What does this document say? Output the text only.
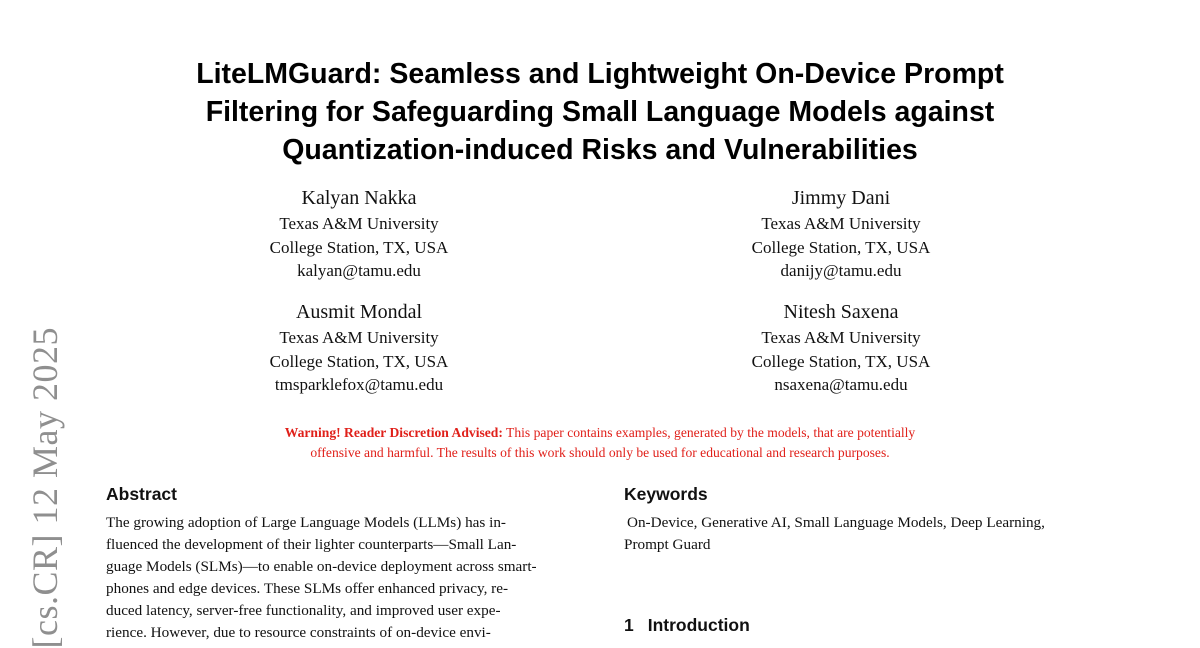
[cs.CR] 12 May 2025
LiteLMGuard: Seamless and Lightweight On-Device Prompt
Filtering for Safeguarding Small Language Models against
Quantization-induced Risks and Vulnerabilities
Kalyan Nakka
Texas A&M University
College Station, TX, USA
kalyan@tamu.edu
Jimmy Dani
Texas A&M University
College Station, TX, USA
danijy@tamu.edu
Ausmit Mondal
Texas A&M University
College Station, TX, USA
tmsparklefox@tamu.edu
Nitesh Saxena
Texas A&M University
College Station, TX, USA
nsaxena@tamu.edu
Warning! Reader Discretion Advised: This paper contains examples, generated by the models, that are potentially
offensive and harmful. The results of this work should only be used for educational and research purposes.
Abstract
The growing adoption of Large Language Models (LLMs) has in-
fluenced the development of their lighter counterparts—Small Lan-
guage Models (SLMs)—to enable on-device deployment across smart-
phones and edge devices. These SLMs offer enhanced privacy, re-
duced latency, server-free functionality, and improved user expe-
rience. However, due to resource constraints of on-device envi-
Keywords
On-Device, Generative AI, Small Language Models, Deep Learning,
Prompt Guard
1 Introduction
